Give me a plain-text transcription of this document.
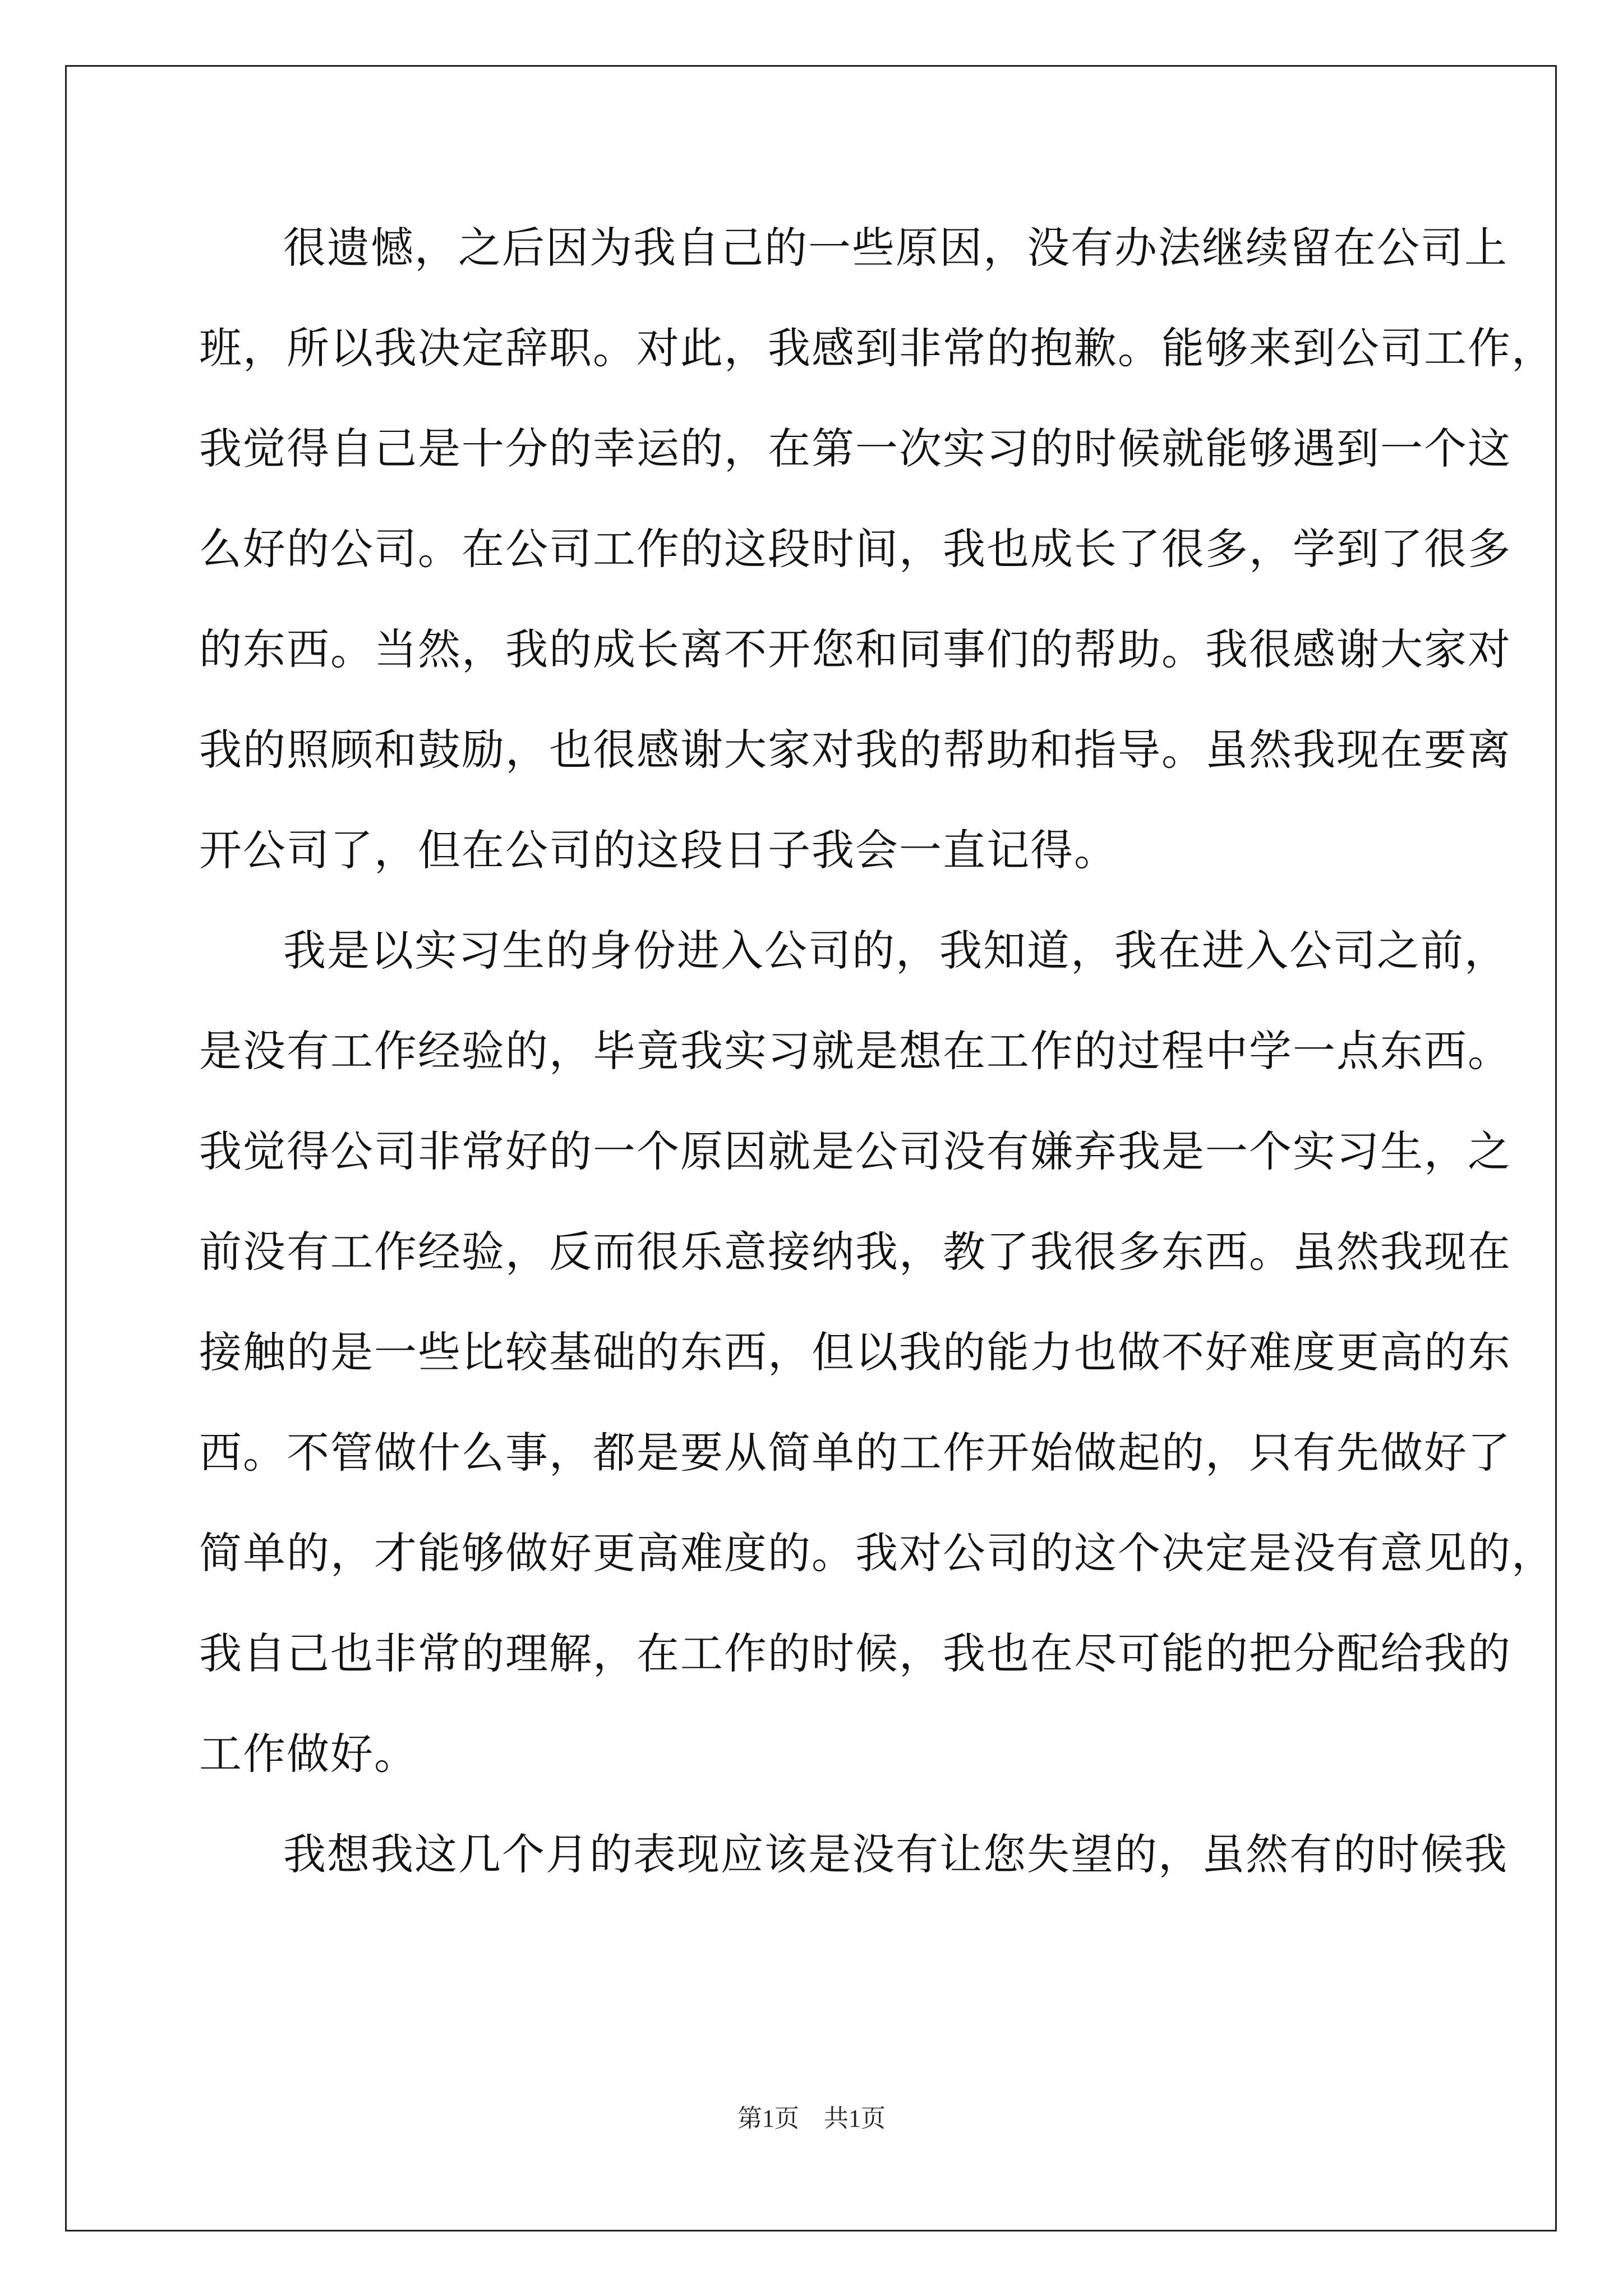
很遗憾，之后因为我自己的一些原因，没有办法继续留在公司上
班，所以我决定辞职。对此，我感到非常的抱歉。能够来到公司工作，
我觉得自己是十分的幸运的，在第一次实习的时候就能够遇到一个这
么好的公司。在公司工作的这段时间，我也成长了很多，学到了很多
的东西。当然，我的成长离不开您和同事们的帮助。我很感谢大家对
我的照顾和鼓励，也很感谢大家对我的帮助和指导。虽然我现在要离
开公司了，但在公司的这段日子我会一直记得。
我是以实习生的身份进入公司的，我知道，我在进入公司之前，
是没有工作经验的，毕竟我实习就是想在工作的过程中学一点东西。
我觉得公司非常好的一个原因就是公司没有嫌弃我是一个实习生，之
前没有工作经验，反而很乐意接纳我，教了我很多东西。虽然我现在
接触的是一些比较基础的东西，但以我的能力也做不好难度更高的东
西。不管做什么事，都是要从简单的工作开始做起的，只有先做好了
简单的，才能够做好更高难度的。我对公司的这个决定是没有意见的，
我自己也非常的理解，在工作的时候，我也在尽可能的把分配给我的
工作做好。
我想我这几个月的表现应该是没有让您失望的，虽然有的时候我
第1页　共1页
